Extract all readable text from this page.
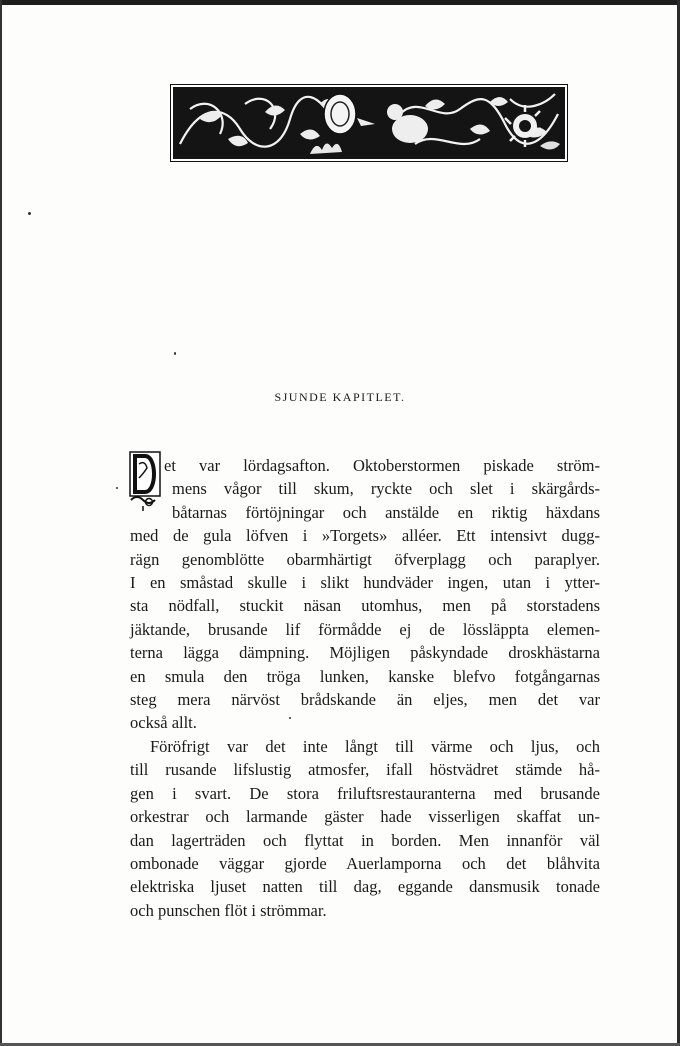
SJUNDE KAPITLET.
et var lördagsafton. Oktoberstormen piskade ström-
mens vågor till skum, ryckte och slet i skärgårds-
båtarnas förtöjningar och anstälde en riktig häxdans
med de gula löfven i »Torgets» alléer. Ett intensivt dugg-
rägn genomblötte obarmhärtigt öfverplagg och paraplyer.
I en småstad skulle i slikt hundväder ingen, utan i ytter-
sta nödfall, stuckit näsan utomhus, men på storstadens
jäktande, brusande lif förmådde ej de lössläppta elemen-
terna lägga dämpning. Möjligen påskyndade droskhästarna
en smula den tröga lunken, kanske blefvo fotgångarnas
steg mera närvöst brådskande än eljes, men det var
också allt.
Föröfrigt var det inte långt till värme och ljus, och
till rusande lifslustig atmosfer, ifall höstvädret stämde hå-
gen i svart. De stora friluftsrestauranterna med brusande
orkestrar och larmande gäster hade visserligen skaffat un-
dan lagerträden och flyttat in borden. Men innanför väl
ombonade väggar gjorde Auerlamporna och det blåhvita
elektriska ljuset natten till dag, eggande dansmusik tonade
och punschen flöt i strömmar.
